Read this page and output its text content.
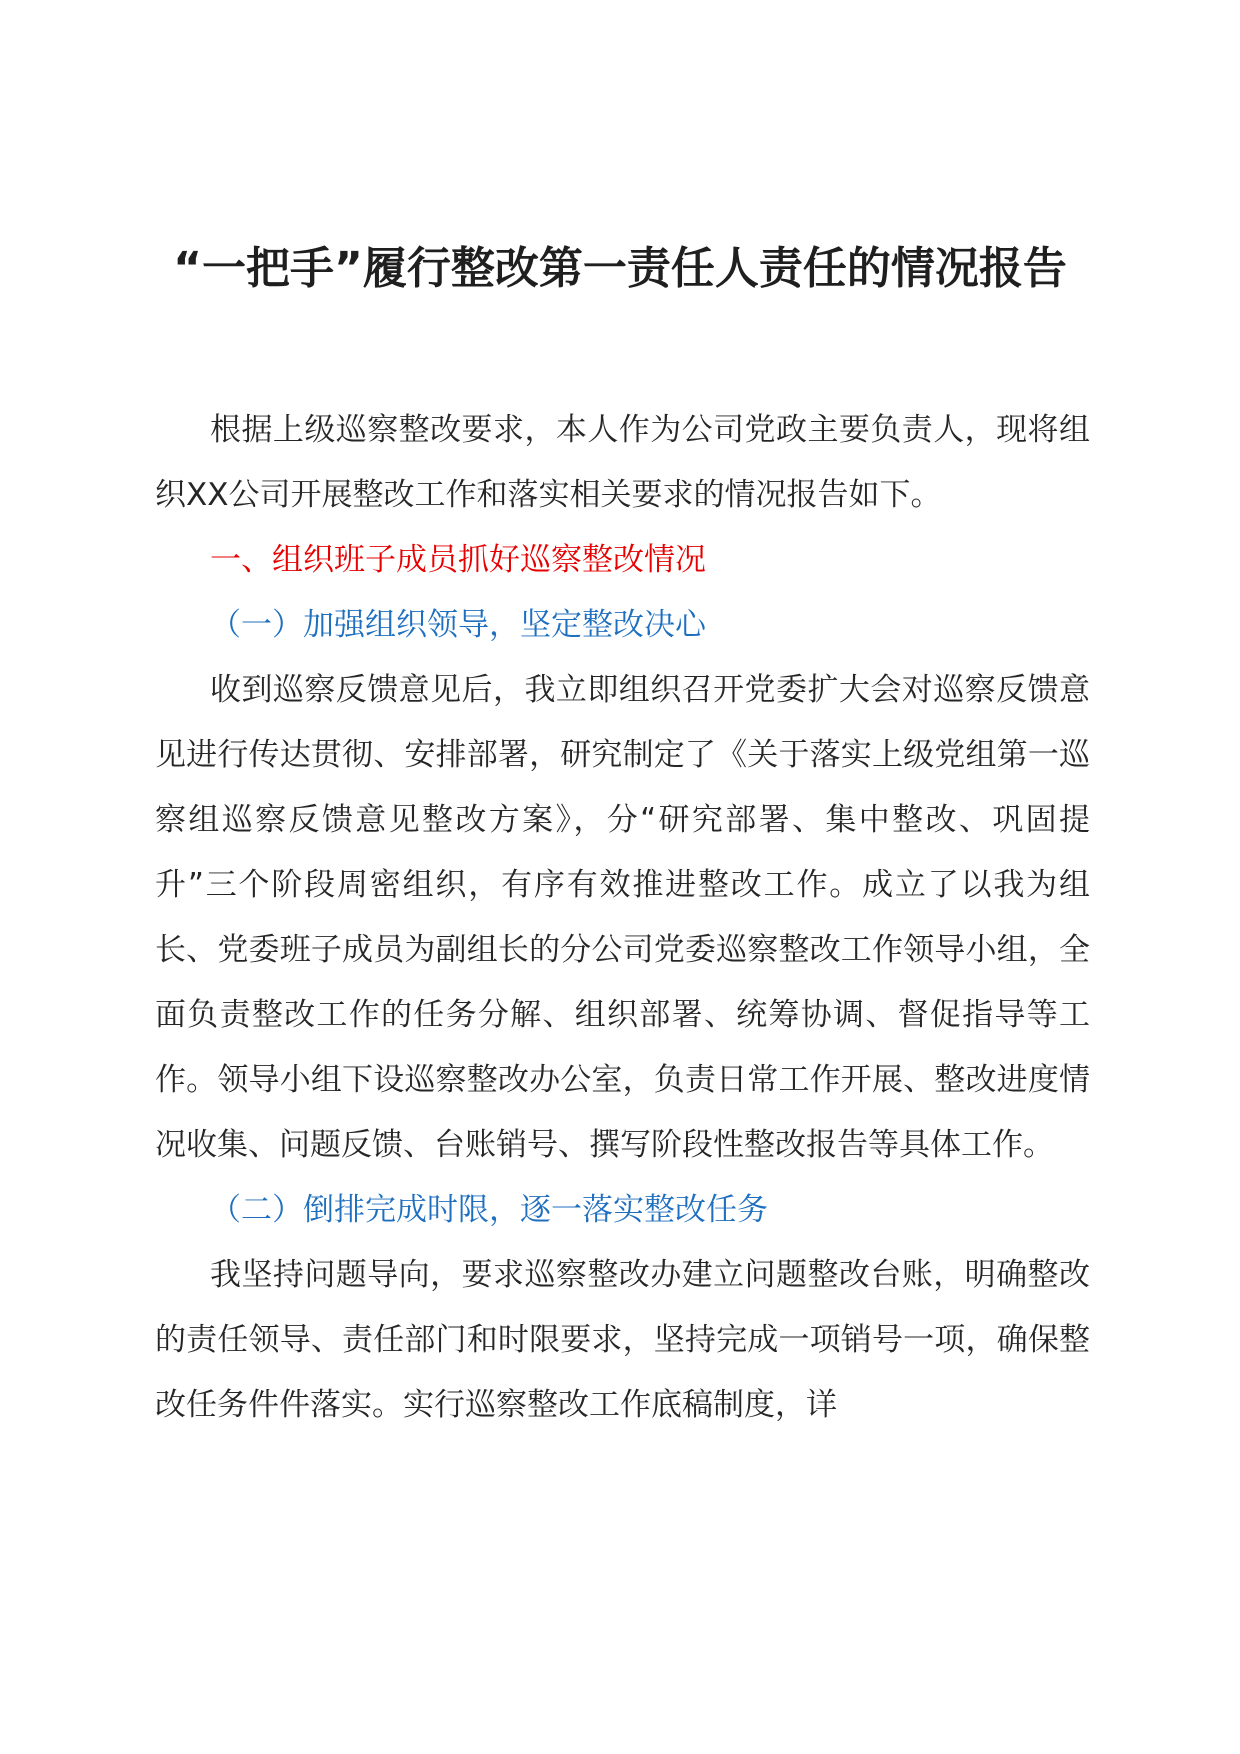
“一把手”履行整改第一责任人责任的情况报告

根据上级巡察整改要求，本人作为公司党政主要负责人，现将组织XX公司开展整改工作和落实相关要求的情况报告如下。

一、组织班子成员抓好巡察整改情况

（一）加强组织领导，坚定整改决心

收到巡察反馈意见后，我立即组织召开党委扩大会对巡察反馈意见进行传达贯彻、安排部署，研究制定了《关于落实上级党组第一巡察组巡察反馈意见整改方案》，分“研究部署、集中整改、巩固提升”三个阶段周密组织，有序有效推进整改工作。成立了以我为组长、党委班子成员为副组长的分公司党委巡察整改工作领导小组，全面负责整改工作的任务分解、组织部署、统筹协调、督促指导等工作。领导小组下设巡察整改办公室，负责日常工作开展、整改进度情况收集、问题反馈、台账销号、撰写阶段性整改报告等具体工作。

（二）倒排完成时限，逐一落实整改任务

我坚持问题导向，要求巡察整改办建立问题整改台账，明确整改的责任领导、责任部门和时限要求，坚持完成一项销号一项，确保整改任务件件落实。实行巡察整改工作底稿制度，详
